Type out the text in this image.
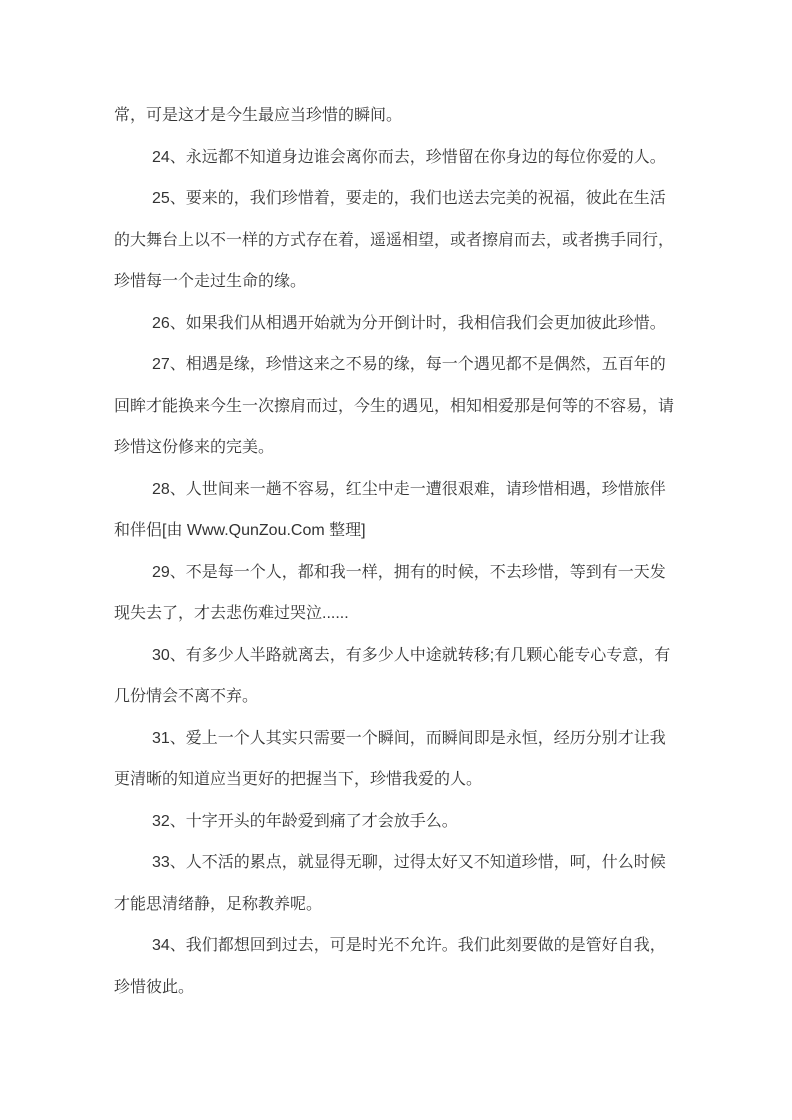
常，可是这才是今生最应当珍惜的瞬间。
24、永远都不知道身边谁会离你而去，珍惜留在你身边的每位你爱的人。
25、要来的，我们珍惜着，要走的，我们也送去完美的祝福，彼此在生活
的大舞台上以不一样的方式存在着，遥遥相望，或者擦肩而去，或者携手同行，
珍惜每一个走过生命的缘。
26、如果我们从相遇开始就为分开倒计时，我相信我们会更加彼此珍惜。
27、相遇是缘，珍惜这来之不易的缘，每一个遇见都不是偶然，五百年的
回眸才能换来今生一次擦肩而过，今生的遇见，相知相爱那是何等的不容易，请
珍惜这份修来的完美。
28、人世间来一趟不容易，红尘中走一遭很艰难，请珍惜相遇，珍惜旅伴
和伴侣[由 Www.QunZou.Com 整理]
29、不是每一个人，都和我一样，拥有的时候，不去珍惜，等到有一天发
现失去了，才去悲伤难过哭泣......
30、有多少人半路就离去，有多少人中途就转移;有几颗心能专心专意，有
几份情会不离不弃。
31、爱上一个人其实只需要一个瞬间，而瞬间即是永恒，经历分别才让我
更清晰的知道应当更好的把握当下，珍惜我爱的人。
32、十字开头的年龄爱到痛了才会放手么。
33、人不活的累点，就显得无聊，过得太好又不知道珍惜，呵，什么时候
才能思清绪静，足称教养呢。
34、我们都想回到过去，可是时光不允许。我们此刻要做的是管好自我，
珍惜彼此。
